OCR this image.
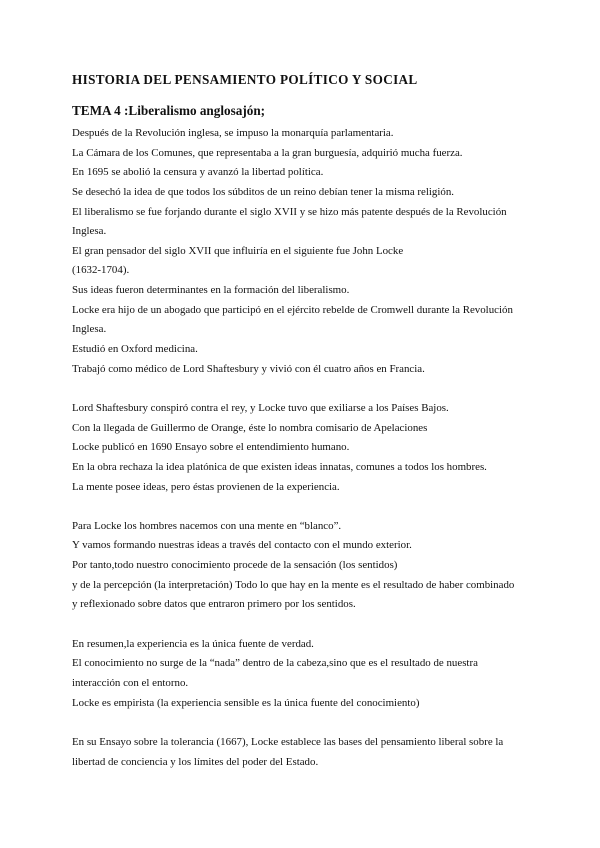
HISTORIA DEL PENSAMIENTO POLÍTICO Y SOCIAL
TEMA 4 :Liberalismo anglosajón;
Después de la Revolución inglesa, se impuso la monarquía parlamentaria.
La Cámara de los Comunes, que representaba a la gran burguesía, adquirió mucha fuerza.
En 1695 se abolió la censura y avanzó la libertad política.
Se desechó la idea de que todos los súbditos de un reino debían tener la misma religión.
El liberalismo se fue forjando durante el siglo XVII y se hizo más patente después de la Revolución
Inglesa.
El gran pensador del siglo XVII que influiría en el siguiente fue John Locke
(1632-1704).
Sus ideas fueron determinantes en la formación del liberalismo.
Locke era hijo de un abogado que participó en el ejército rebelde de Cromwell durante la Revolución
Inglesa.
Estudió en Oxford medicina.
Trabajó como médico de Lord Shaftesbury y vivió con él cuatro años en Francia.
Lord Shaftesbury conspiró contra el rey, y Locke tuvo que exiliarse a los Países Bajos.
Con la llegada de Guillermo de Orange, éste lo nombra comisario de Apelaciones
Locke publicó en 1690 Ensayo sobre el entendimiento humano.
En la obra rechaza la idea platónica de que existen ideas innatas, comunes a todos los hombres.
La mente posee ideas, pero éstas provienen de la experiencia.
Para Locke los hombres nacemos con una mente en “blanco”.
Y vamos formando nuestras ideas a través del contacto con el mundo exterior.
Por tanto,todo nuestro conocimiento procede de la sensación (los sentidos)
y de la percepción (la interpretación) Todo lo que hay en la mente es el resultado de haber combinado
y reflexionado sobre datos que entraron primero por los sentidos.
En resumen,la experiencia es la única fuente de verdad.
El conocimiento no surge de la “nada” dentro de la cabeza,sino que es el resultado de nuestra
interacción con el entorno.
Locke es empirista (la experiencia sensible es la única fuente del conocimiento)
En su Ensayo sobre la tolerancia (1667), Locke establece las bases del pensamiento liberal sobre la
libertad de conciencia y los límites del poder del Estado.
